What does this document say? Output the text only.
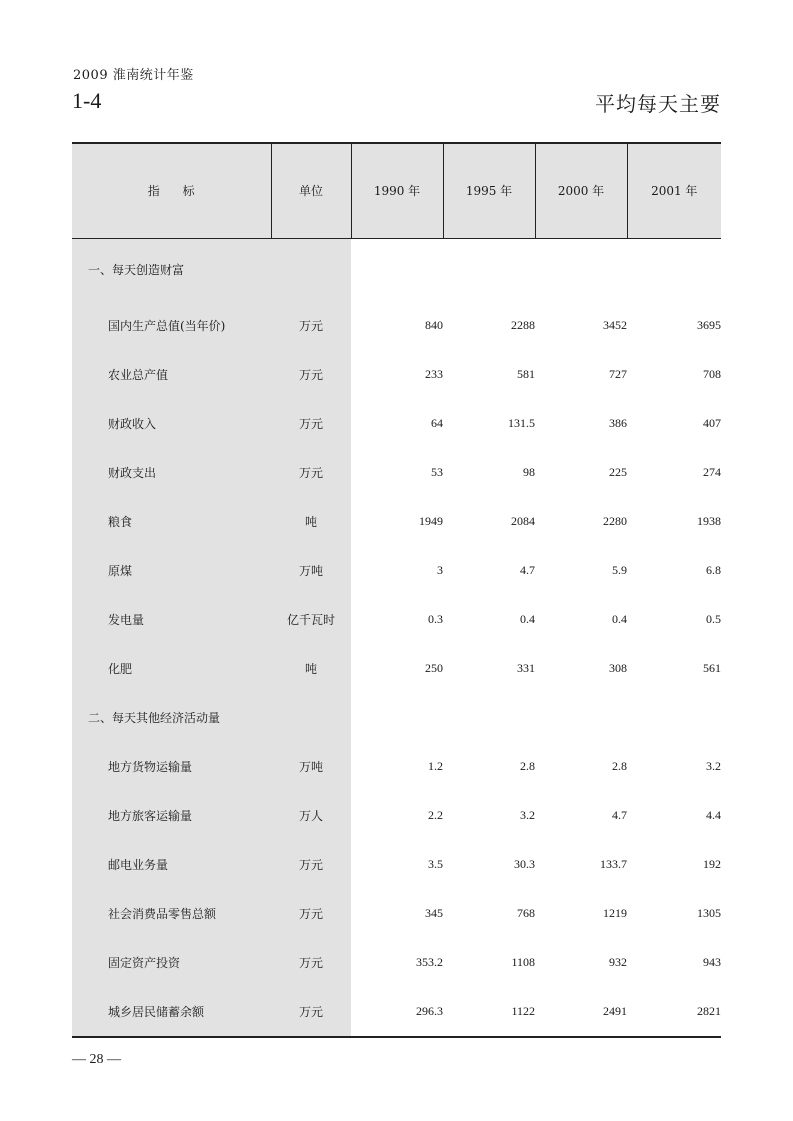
2009 淮南统计年鉴
1-4	平均每天主要
指      标	单位	1990 年	1995 年	2000 年	2001 年
一、每天创造财富					
国内生产总值(当年价)	万元	840	2288	3452	3695
农业总产值	万元	233	581	727	708
财政收入	万元	64	131.5	386	407
财政支出	万元	53	98	225	274
粮食	吨	1949	2084	2280	1938
原煤	万吨	3	4.7	5.9	6.8
发电量	亿千瓦时	0.3	0.4	0.4	0.5
化肥	吨	250	331	308	561
二、每天其他经济活动量					
地方货物运输量	万吨	1.2	2.8	2.8	3.2
地方旅客运输量	万人	2.2	3.2	4.7	4.4
邮电业务量	万元	3.5	30.3	133.7	192
社会消费品零售总额	万元	345	768	1219	1305
固定资产投资	万元	353.2	1108	932	943
城乡居民储蓄余额	万元	296.3	1122	2491	2821
— 28 —
